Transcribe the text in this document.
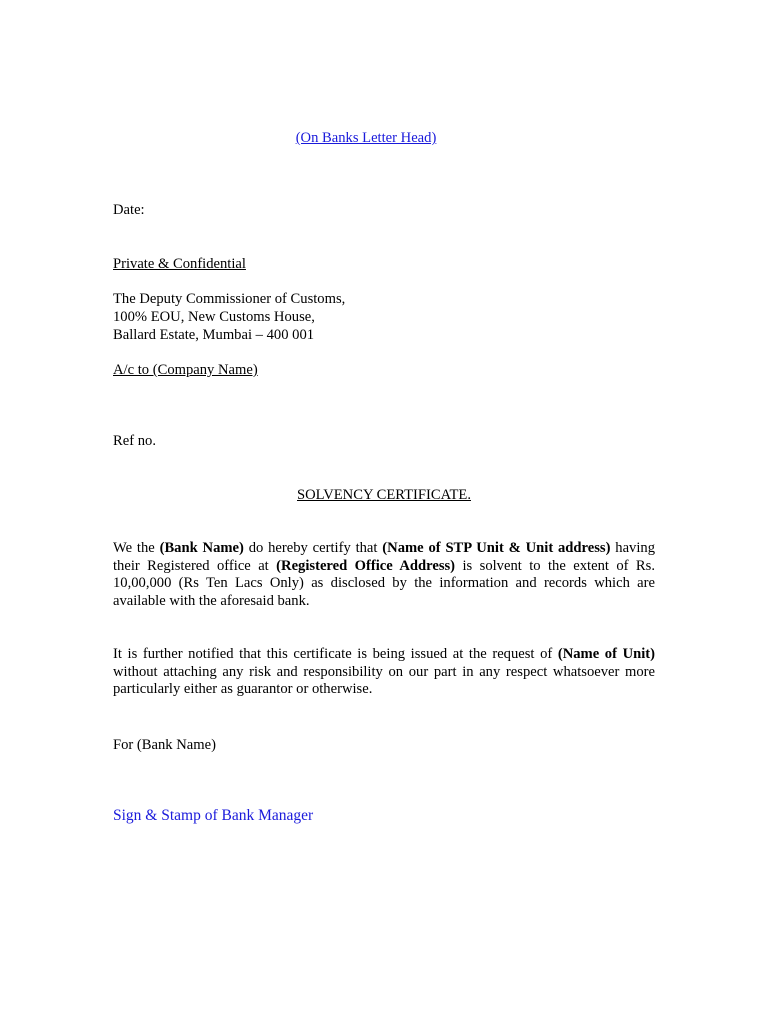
(On Banks Letter Head)
Date:
Private & Confidential
The Deputy Commissioner of Customs,
100% EOU, New Customs House,
Ballard Estate, Mumbai – 400 001
A/c to (Company Name)
Ref no.
SOLVENCY CERTIFICATE.
We the (Bank Name) do hereby certify that (Name of STP Unit & Unit address) having their Registered office at (Registered Office Address) is solvent to the extent of Rs. 10,00,000 (Rs Ten Lacs Only) as disclosed by the information and records which are available with the aforesaid bank.
It is further notified that this certificate is being issued at the request of (Name of Unit) without attaching any risk and responsibility on our part in any respect whatsoever more particularly either as guarantor or otherwise.
For (Bank Name)
Sign & Stamp of Bank Manager
